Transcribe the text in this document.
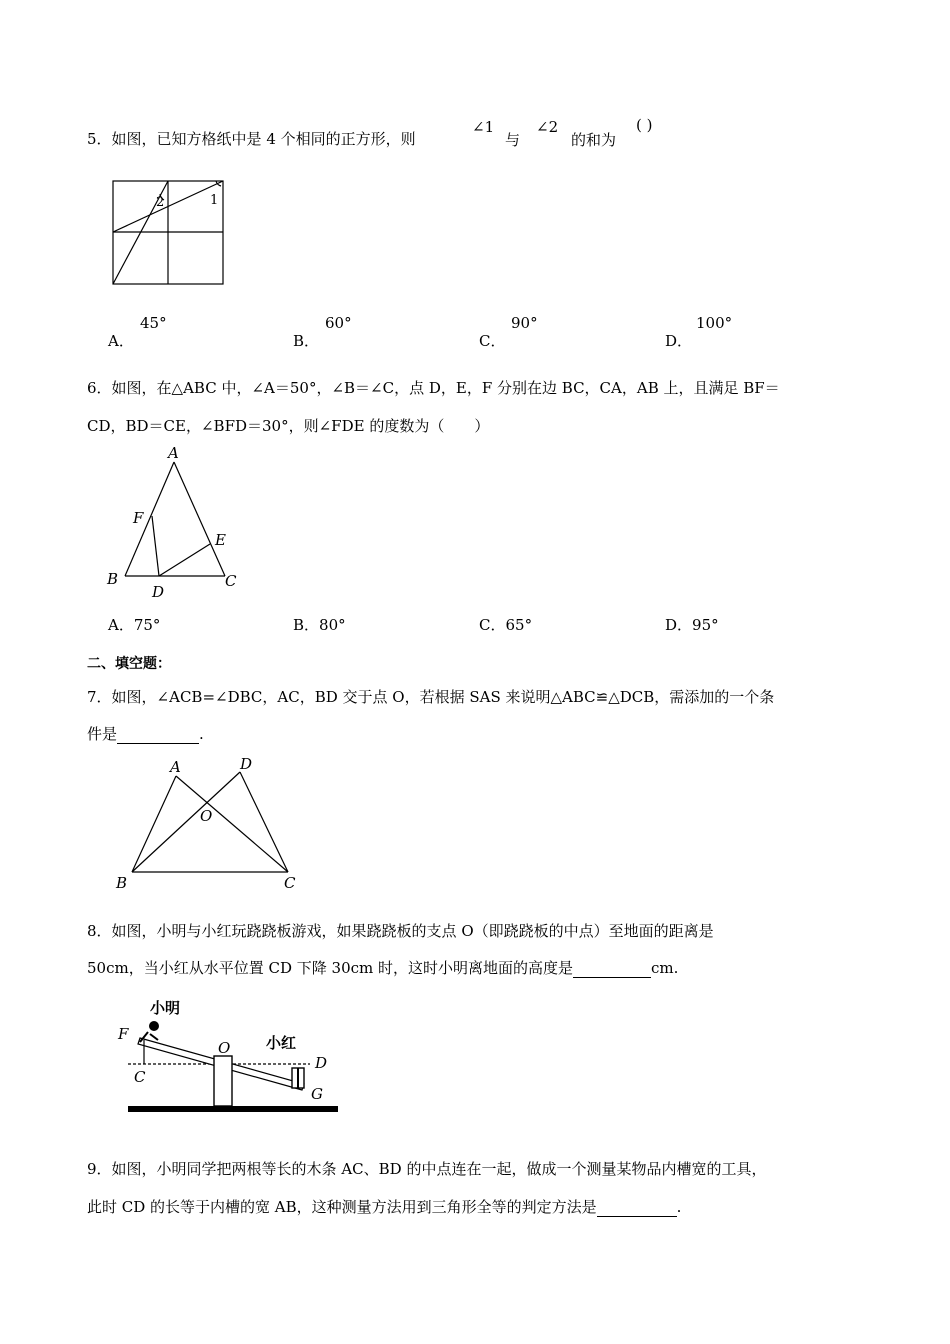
5．如图，已知方格纸中是 4 个相同的正方形，则
∠1
与
∠2
的和为
( )
1
2
A．
45°
B．
60°
C．
90°
D．
100°
6．如图，在△ABC 中，∠A＝50°，∠B＝∠C，点 D，E，F 分别在边 BC，CA，AB 上，且满足 BF＝
CD，BD＝CE，∠BFD＝30°，则∠FDE 的度数为（　　）
A
B	C
D
E
F
A．75°	B．80°	C．65°	D．95°
二、填空题：
7．如图，∠ACB=∠DBC，AC，BD 交于点 O，若根据 SAS 来说明△ABC≌△DCB，需添加的一个条
件是	.
A
B	C
D
O
8．如图，小明与小红玩跷跷板游戏，如果跷跷板的支点 O（即跷跷板的中点）至地面的距离是
50cm，当小红从水平位置 CD 下降 30cm 时，这时小明离地面的高度是	cm.
小明
小红
F
C
O
D
G
9．如图，小明同学把两根等长的木条 AC、BD 的中点连在一起，做成一个测量某物品内槽宽的工具，
此时 CD 的长等于内槽的宽 AB，这种测量方法用到三角形全等的判定方法是	.
